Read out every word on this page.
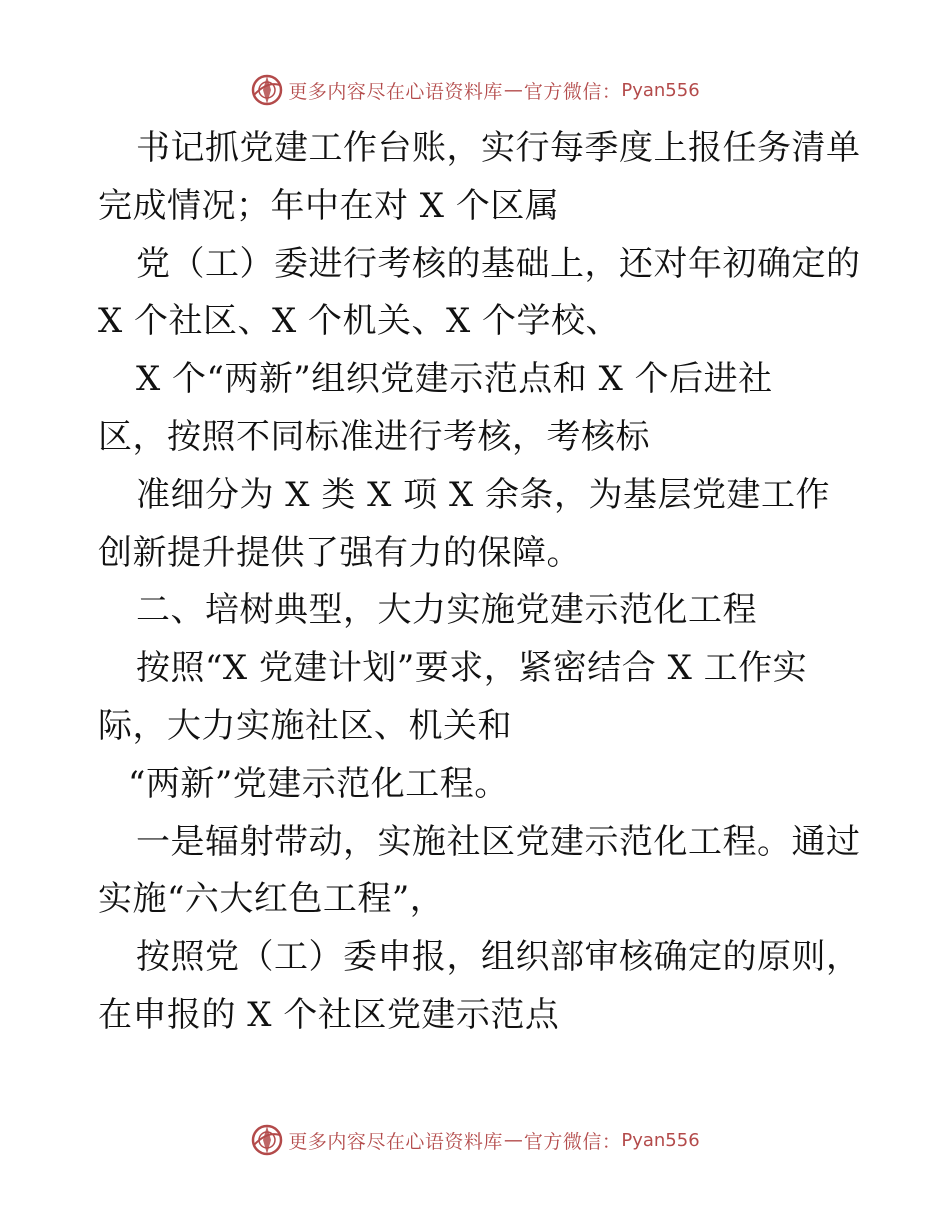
更多内容尽在心语资料库 — 官方微信： Pyan556
书记抓党建工作台账，实行每季度上报任务清单
完成情况；年中在对 X 个区属
党（工）委进行考核的基础上，还对年初确定的
X 个社区、X 个机关、X 个学校、
X 个“两新”组织党建示范点和 X 个后进社
区，按照不同标准进行考核，考核标
准细分为 X 类 X 项 X 余条，为基层党建工作
创新提升提供了强有力的保障。
二、培树典型，大力实施党建示范化工程
按照“X 党建计划”要求，紧密结合 X 工作实
际，大力实施社区、机关和
“两新”党建示范化工程。
一是辐射带动，实施社区党建示范化工程。通过
实施“六大红色工程”，
按照党（工）委申报，组织部审核确定的原则，
在申报的 X 个社区党建示范点
更多内容尽在心语资料库 — 官方微信： Pyan556
